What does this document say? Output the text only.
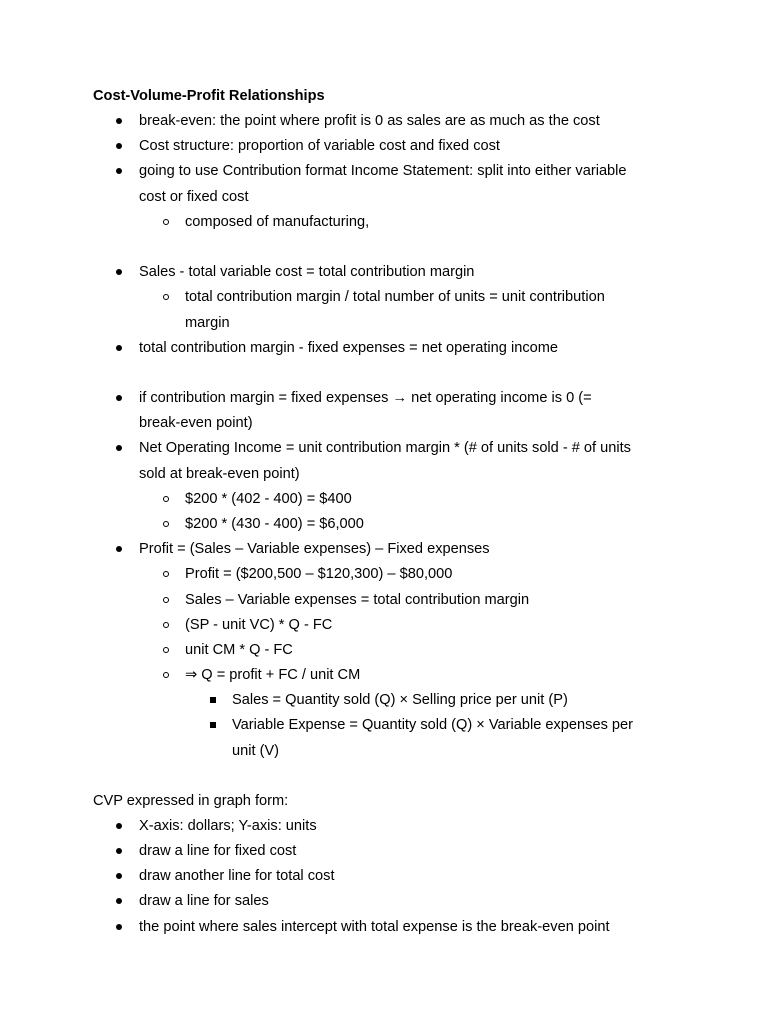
Cost-Volume-Profit Relationships
break-even: the point where profit is 0 as sales are as much as the cost
Cost structure: proportion of variable cost and fixed cost
going to use Contribution format Income Statement: split into either variable
cost or fixed cost
composed of manufacturing,
Sales - total variable cost = total contribution margin
total contribution margin / total number of units = unit contribution
margin
total contribution margin - fixed expenses = net operating income
if contribution margin = fixed expenses → net operating income is 0 (=
break-even point)
Net Operating Income = unit contribution margin * (# of units sold - # of units
sold at break-even point)
$200 * (402 - 400) = $400
$200 * (430 - 400) = $6,000
Profit = (Sales – Variable expenses) – Fixed expenses
Profit = ($200,500 – $120,300) – $80,000
Sales – Variable expenses = total contribution margin
(SP - unit VC) * Q - FC
unit CM * Q - FC
⇒ Q = profit + FC / unit CM
Sales = Quantity sold (Q) × Selling price per unit (P)
Variable Expense = Quantity sold (Q) × Variable expenses per
unit (V)
CVP expressed in graph form:
X-axis: dollars; Y-axis: units
draw a line for fixed cost
draw another line for total cost
draw a line for sales
the point where sales intercept with total expense is the break-even point
